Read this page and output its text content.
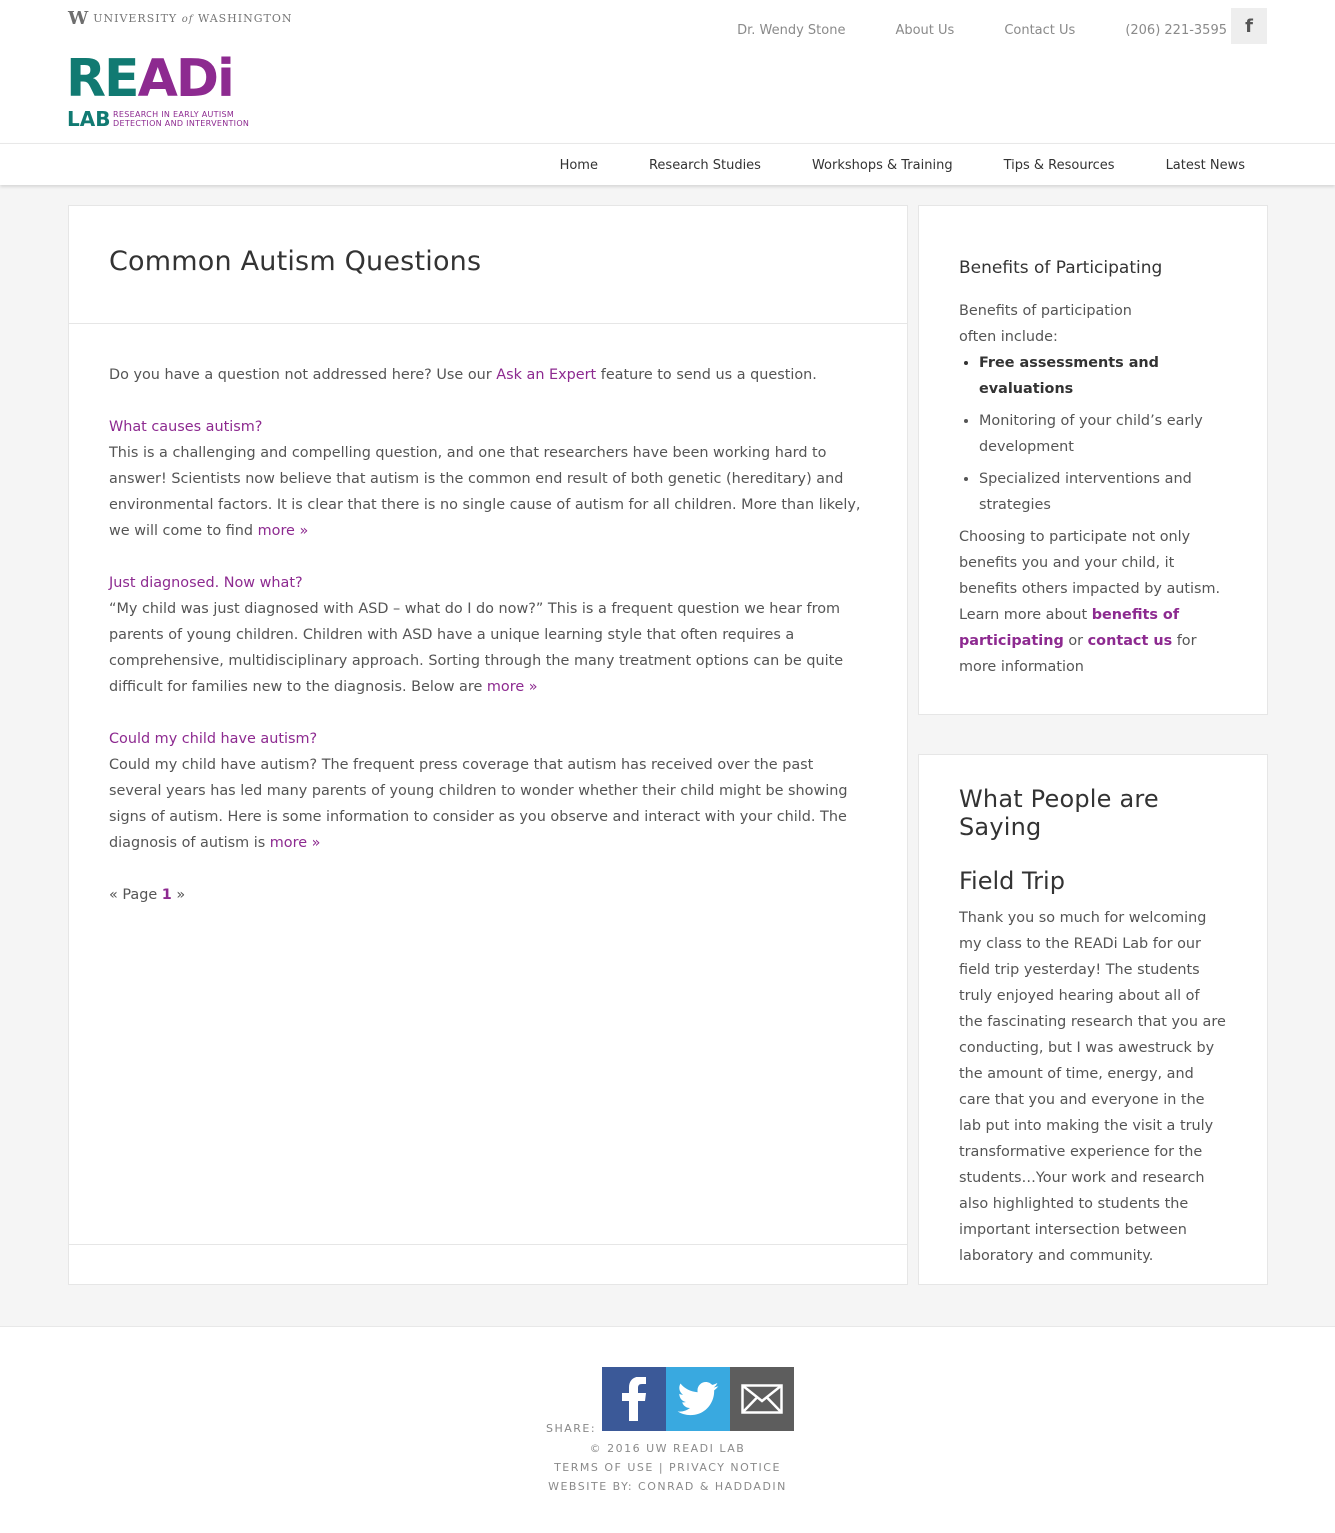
W UNIVERSITY of WASHINGTON
READi
LAB RESEARCH IN EARLY AUTISM
DETECTION AND INTERVENTION
Dr. Wendy Stone	About Us	Contact Us	(206) 221-3595 f
Home	Research Studies	Workshops & Training	Tips & Resources	Latest News
Common Autism Questions

Do you have a question not addressed here? Use our Ask an Expert feature to send us a question.

What causes autism?
This is a challenging and compelling question, and one that researchers have been working hard to answer! Scientists now believe that autism is the common end result of both genetic (hereditary) and environmental factors. It is clear that there is no single cause of autism for all children. More than likely, we will come to find more »

Just diagnosed. Now what?
“My child was just diagnosed with ASD – what do I do now?” This is a frequent question we hear from parents of young children. Children with ASD have a unique learning style that often requires a comprehensive, multidisciplinary approach. Sorting through the many treatment options can be quite difficult for families new to the diagnosis. Below are more »

Could my child have autism?
Could my child have autism? The frequent press coverage that autism has received over the past several years has led many parents of young children to wonder whether their child might be showing signs of autism. Here is some information to consider as you observe and interact with your child. The diagnosis of autism is more »

« Page 1 »

Benefits of Participating
Benefits of participation often include:
• Free assessments and evaluations
• Monitoring of your child’s early development
• Specialized interventions and strategies
Choosing to participate not only benefits you and your child, it benefits others impacted by autism. Learn more about benefits of participating or contact us for more information
What People are Saying
Field Trip
Thank you so much for welcoming my class to the READi Lab for our field trip yesterday! The students truly enjoyed hearing about all of the fascinating research that you are conducting, but I was awestruck by the amount of time, energy, and care that you and everyone in the lab put into making the visit a truly transformative experience for the students…Your work and research also highlighted to students the important intersection between laboratory and community.
SHARE:
© 2016 UW READI LAB
TERMS OF USE | PRIVACY NOTICE
WEBSITE BY: CONRAD & HADDADIN
